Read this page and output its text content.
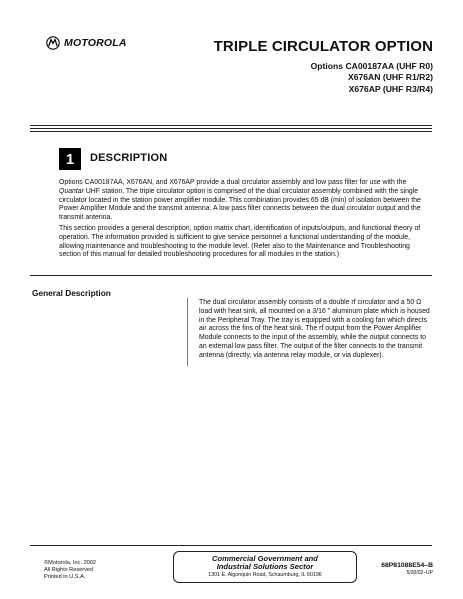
MOTOROLA	TRIPLE CIRCULATOR OPTION
Options CA00187AA (UHF R0)
X676AN (UHF R1/R2)
X676AP (UHF R3/R4)
1	DESCRIPTION

Options CA00187AA, X676AN, and X676AP provide a dual circulator assembly and low pass filter for use with the Quantar UHF station. The triple circulator option is comprised of the dual circulator assembly combined with the single circulator located in the station power amplifier module. This combination provides 65 dB (min) of isolation between the Power Amplifier Module and the transmit antenna. A low pass filter connects between the dual circulator output and the transmit antenna.

This section provides a general description, option matrix chart, identification of inputs/outputs, and functional theory of operation. The information provided is sufficient to give service personnel a functional understanding of the module, allowing maintenance and troubleshooting to the module level. (Refer also to the Maintenance and Troubleshooting section of this manual for detailed troubleshooting procedures for all modules in the station.)
General Description
The dual circulator assembly consists of a double rf circulator and a 50 Ω load with heat sink, all mounted on a 3/16 " aluminum plate which is housed in the Peripheral Tray. The tray is equipped with a cooling fan which directs air across the fins of the heat sink. The rf output from the Power Amplifier Module connects to the input of the assembly, while the output connects to an external low pass filter. The output of the filter connects to the transmit antenna (directly, via antenna relay module, or via duplexer).
©Motorola, Inc. 2002
All Rights Reserved
Printed in U.S.A.
Commercial Government and
Industrial Solutions Sector
1301 E. Algonquin Road, Schaumburg, IL 60196
68P81088E54–B
5/30/02–UP
